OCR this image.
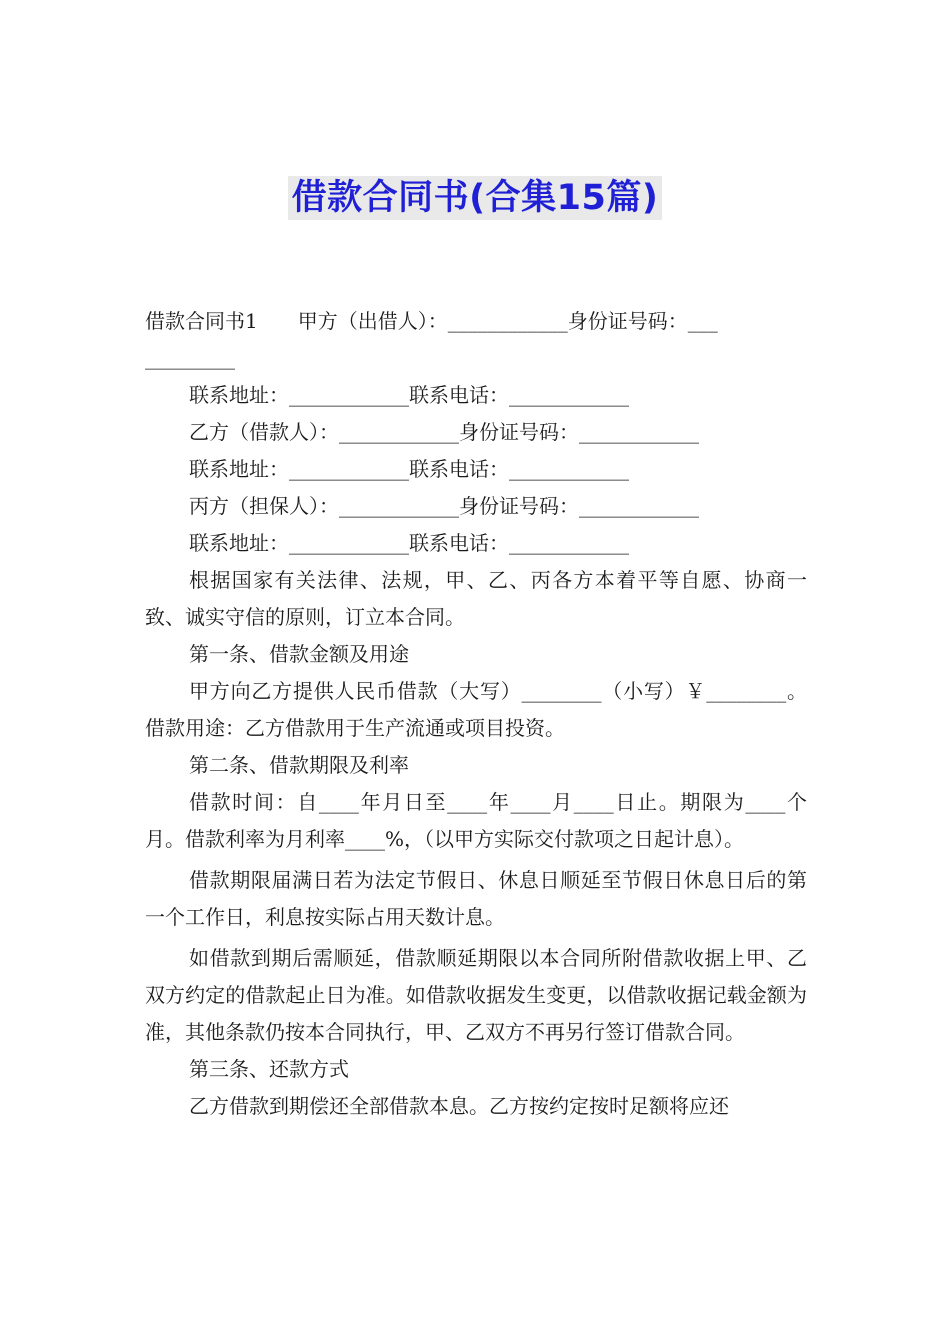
借款合同书(合集15篇)

借款合同书1　　甲方（出借人）：____________身份证号码：___

_________

联系地址：____________联系电话：____________

乙方（借款人）：____________身份证号码：____________

联系地址：____________联系电话：____________

丙方（担保人）：____________身份证号码：____________

联系地址：____________联系电话：____________

根据国家有关法律、法规，甲、乙、丙各方本着平等自愿、协商一致、诚实守信的原则，订立本合同。

第一条、借款金额及用途

甲方向乙方提供人民币借款（大写）________（小写）￥________。借款用途：乙方借款用于生产流通或项目投资。

第二条、借款期限及利率

借款时间：自____年月日至____年____月____日止。期限为____个月。借款利率为月利率____%，（以甲方实际交付款项之日起计息）。

借款期限届满日若为法定节假日、休息日顺延至节假日休息日后的第一个工作日，利息按实际占用天数计息。

如借款到期后需顺延，借款顺延期限以本合同所附借款收据上甲、乙双方约定的借款起止日为准。如借款收据发生变更，以借款收据记载金额为准，其他条款仍按本合同执行，甲、乙双方不再另行签订借款合同。

第三条、还款方式

乙方借款到期偿还全部借款本息。乙方按约定按时足额将应还
